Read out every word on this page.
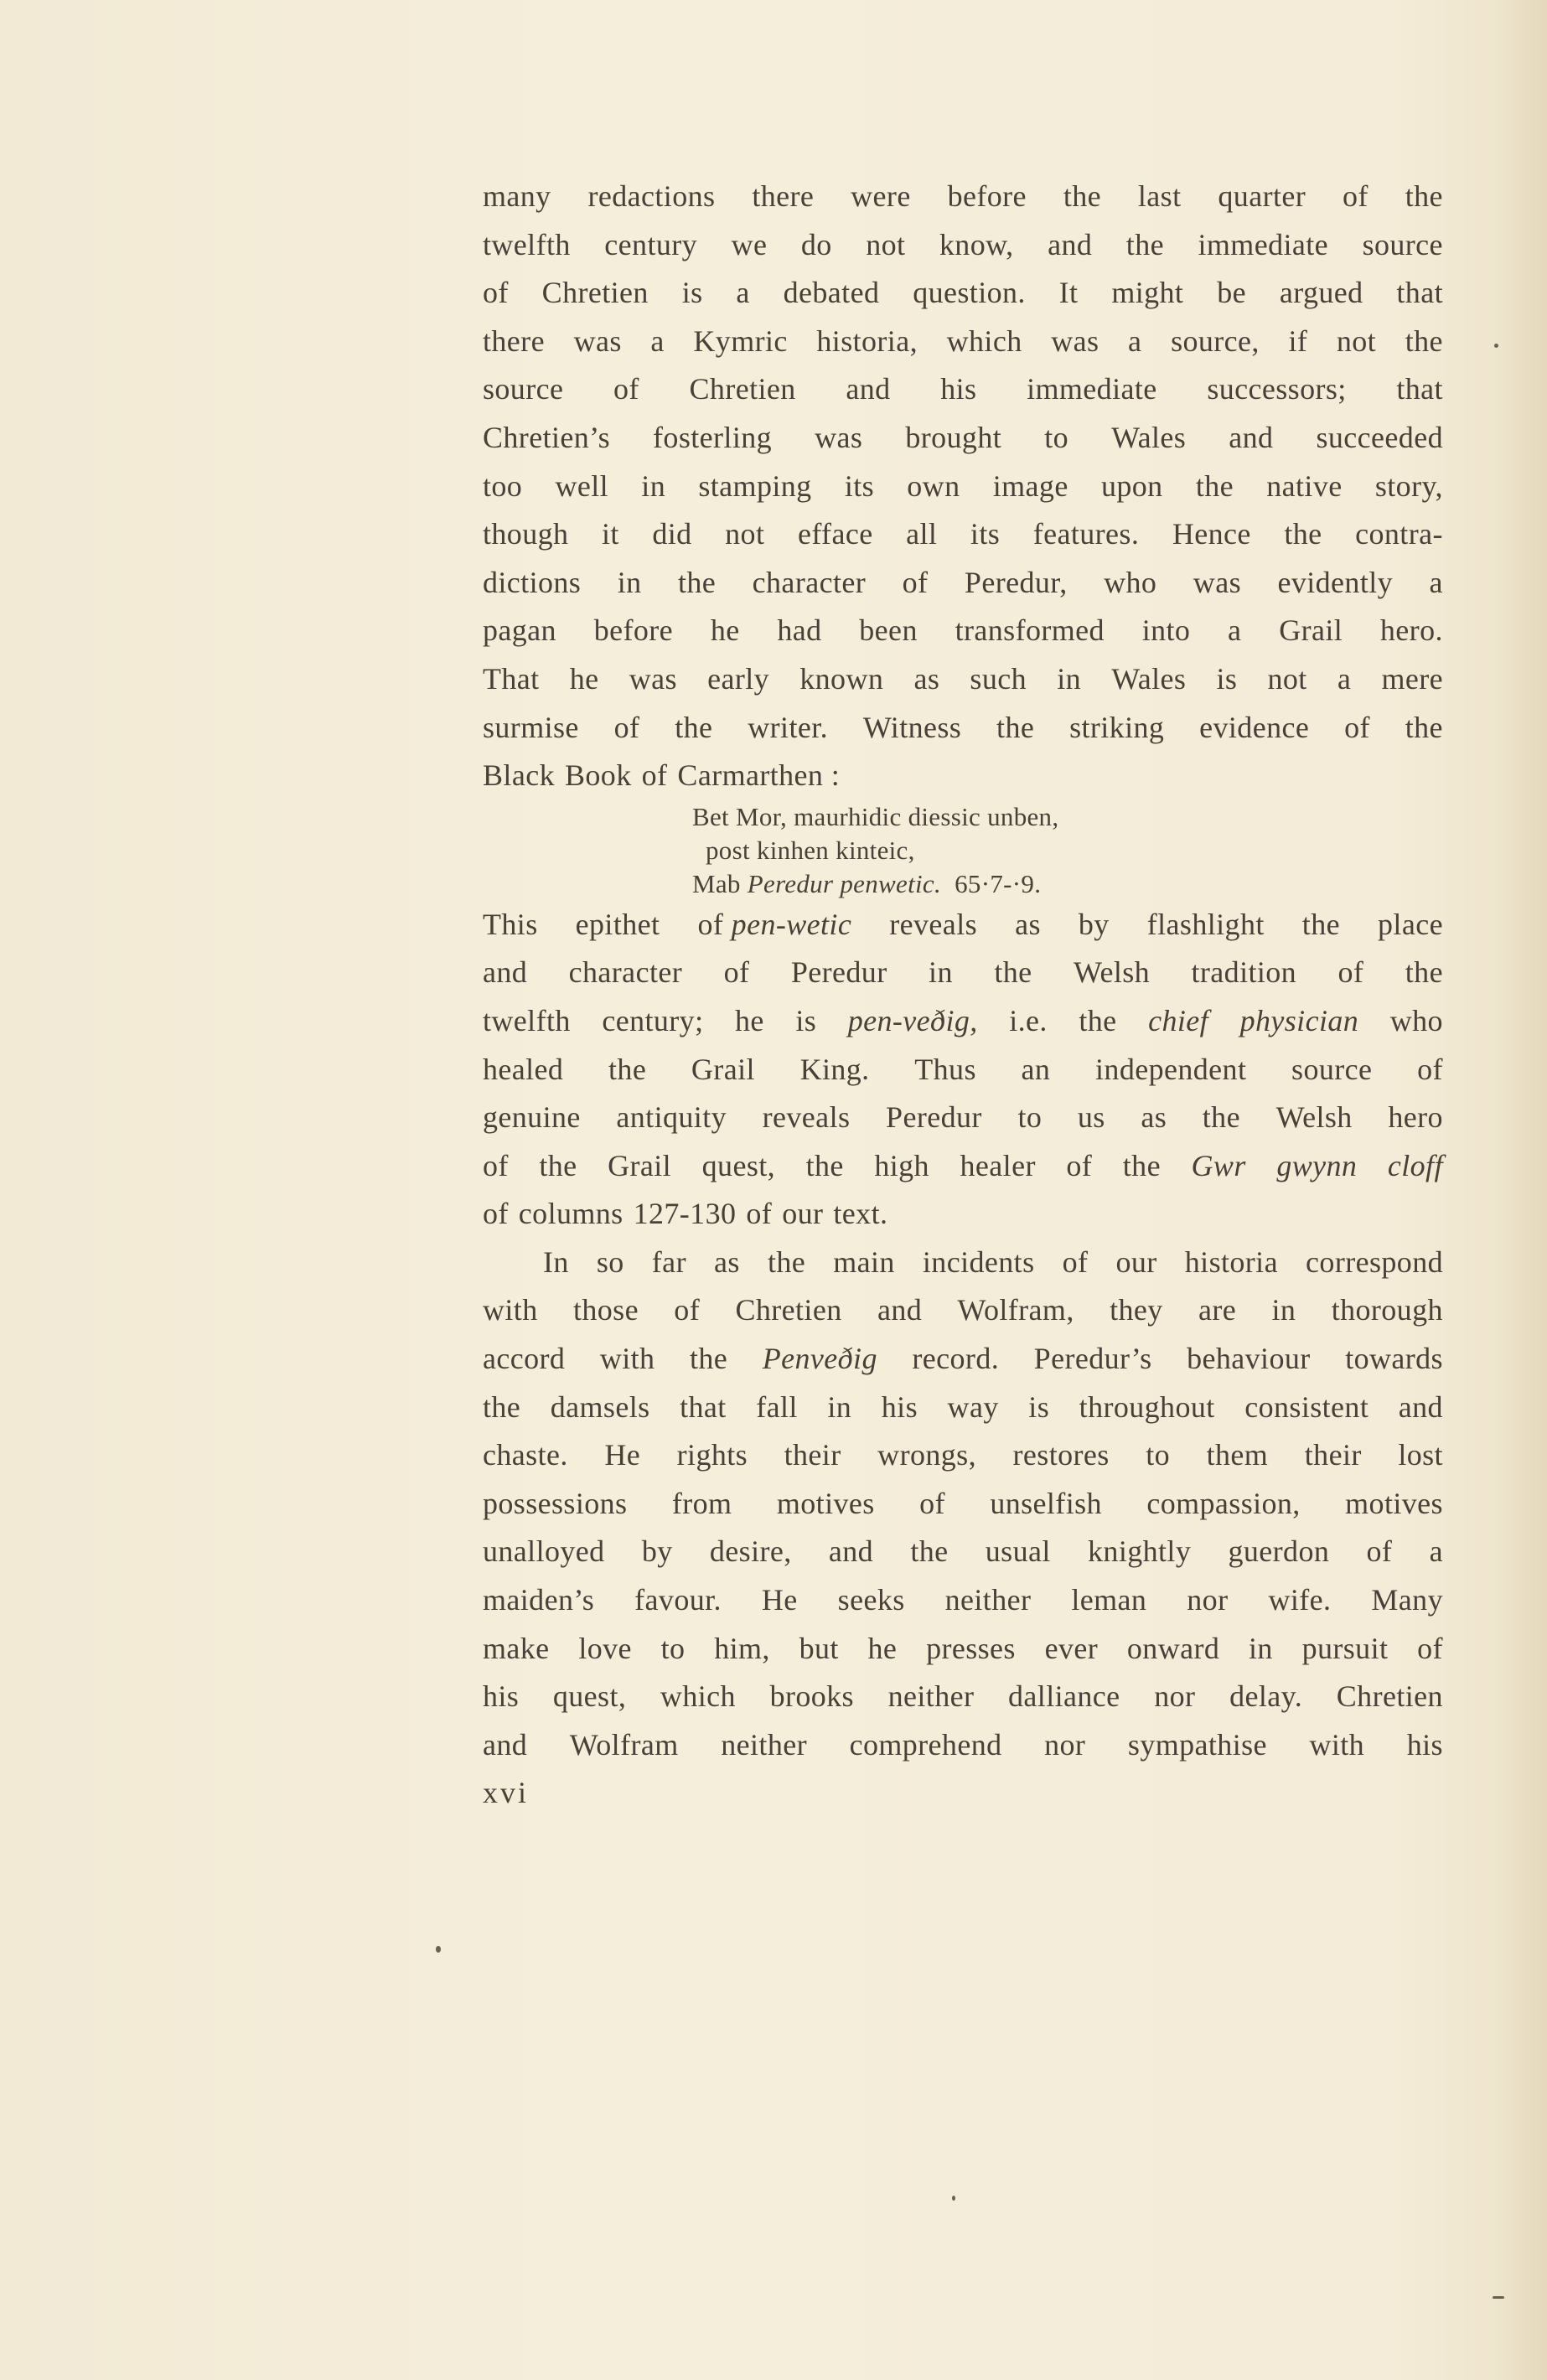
many redactions there were before the last quarter of the
twelfth century we do not know, and the immediate source
of Chretien is a debated question. It might be argued that
there was a Kymric historia, which was a source, if not the
source of Chretien and his immediate successors; that
Chretien’s fosterling was brought to Wales and succeeded
too well in stamping its own image upon the native story,
though it did not efface all its features. Hence the contra-
dictions in the character of Peredur, who was evidently a
pagan before he had been transformed into a Grail hero.
That he was early known as such in Wales is not a mere
surmise of the writer. Witness the striking evidence of the
Black Book of Carmarthen :
Bet Mor, maurhidic diessic unben,
post kinhen kinteic,
Mab Peredur penwetic. 65·7-·9.
This epithet of pen-wetic reveals as by flashlight the place
and character of Peredur in the Welsh tradition of the
twelfth century; he is pen-veðig, i.e. the chief physician who
healed the Grail King. Thus an independent source of
genuine antiquity reveals Peredur to us as the Welsh hero
of the Grail quest, the high healer of the Gwr gwynn cloff
of columns 127-130 of our text.
In so far as the main incidents of our historia correspond
with those of Chretien and Wolfram, they are in thorough
accord with the Penveðig record. Peredur’s behaviour towards
the damsels that fall in his way is throughout consistent and
chaste. He rights their wrongs, restores to them their lost
possessions from motives of unselfish compassion, motives
unalloyed by desire, and the usual knightly guerdon of a
maiden’s favour. He seeks neither leman nor wife. Many
make love to him, but he presses ever onward in pursuit of
his quest, which brooks neither dalliance nor delay. Chretien
and Wolfram neither comprehend nor sympathise with his
xvi
